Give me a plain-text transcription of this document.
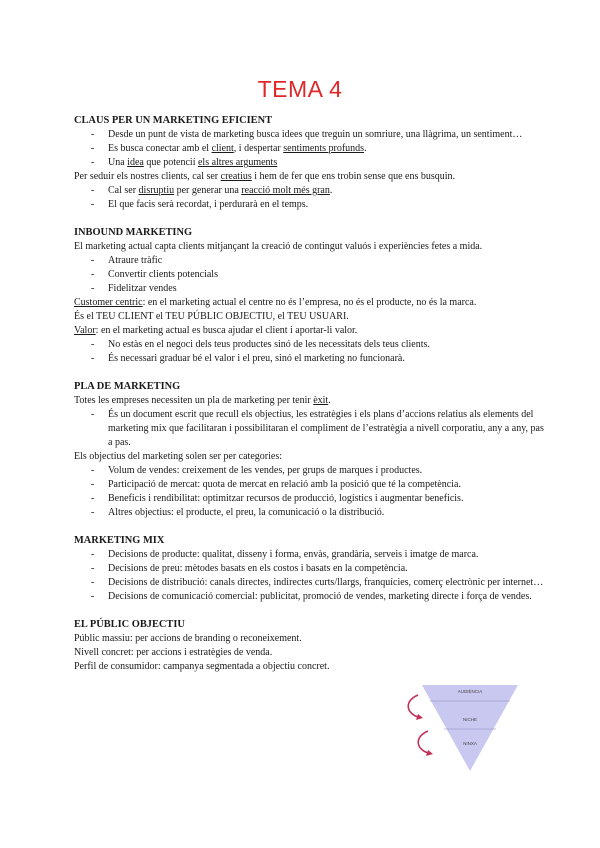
TEMA 4
CLAUS PER UN MARKETING EFICIENT
- Desde un punt de vista de marketing busca idees que treguin un somriure, una llàgrima, un sentiment…
- Es busca conectar amb el client, i despertar sentiments profunds.
- Una idea que potencií els altres arguments

Per seduir els nostres clients, cal ser creatius i hem de fer que ens trobin sense que ens busquin.

- Cal ser disruptiu per generar una reacció molt més gran.
- El que facis serà recordat, i perdurarà en el temps.
INBOUND MARKETING

El marketing actual capta clients mitjançant la creació de contingut valuós i experiències fetes a mida.

- Atraure tràfic
- Convertir clients potencials
- Fidelitzar vendes

Customer centric: en el marketing actual el centre no és l’empresa, no és el producte, no és la marca.

És el TEU CLIENT el TEU PÚBLIC OBJECTIU, el TEU USUARI.

Valor: en el marketing actual es busca ajudar el client i aportar-li valor.

- No estàs en el negoci dels teus productes sinó de les necessitats dels teus clients.
- És necessari graduar bé el valor i el preu, sinó el marketing no funcionarà.
PLA DE MARKETING

Totes les empreses necessiten un pla de marketing per tenir èxit.

- És un document escrit que recull els objectius, les estratègies i els plans d’accions relatius als elements del marketing mix que facilitaran i possibilitaran el compliment de l’estratègia a nivell corporatiu, any a any, pas a pas.

Els objectius del marketing solen ser per categories:

- Volum de vendes: creixement de les vendes, per grups de marques i productes.
- Participació de mercat: quota de mercat en relació amb la posició que té la competència.
- Beneficis i rendibilitat: optimitzar recursos de producció, logístics i augmentar beneficis.
- Altres objectius: el producte, el preu, la comunicació o la distribució.
MARKETING MIX
- Decisions de producte: qualitat, disseny i forma, envàs, grandària, serveis i imatge de marca.
- Decisions de preu: mètodes basats en els costos i basats en la competència.
- Decisions de distribució: canals directes, indirectes curts/llargs, franquícies, comerç electrònic per internet…
- Decisions de comunicació comercial: publicitat, promoció de vendes, marketing directe i força de vendes.
EL PÚBLIC OBJECTIU

Públic massiu: per accions de branding o reconeixement.

Nivell concret: per accions i estratègies de venda.

Perfil de consumidor: campanya segmentada a objectiu concret.

AUDIÈNCIA
NICHE
NINXA
